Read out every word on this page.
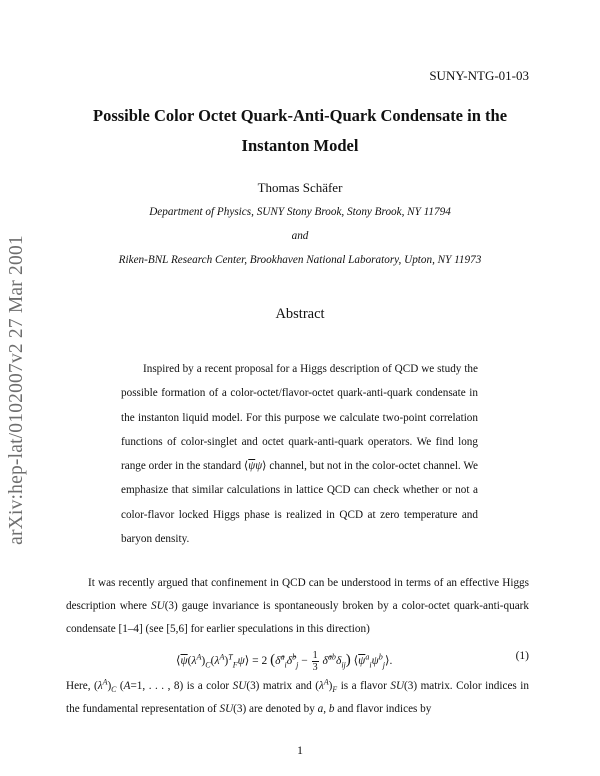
arXiv:hep-lat/0102007v2 27 Mar 2001
SUNY-NTG-01-03
Possible Color Octet Quark-Anti-Quark Condensate in the
Instanton Model
Thomas Schäfer
Department of Physics, SUNY Stony Brook, Stony Brook, NY 11794
and
Riken-BNL Research Center, Brookhaven National Laboratory, Upton, NY 11973
Abstract
Inspired by a recent proposal for a Higgs description of QCD we study the possible formation of a color-octet/flavor-octet quark-anti-quark condensate in the instanton liquid model. For this purpose we calculate two-point correlation functions of color-singlet and octet quark-anti-quark operators. We find long range order in the standard $⟨\overline{\psi}\psi⟩$ channel, but not in the color-octet channel. We emphasize that similar calculations in lattice QCD can check whether or not a color-flavor locked Higgs phase is realized in QCD at zero temperature and baryon density.
It was recently argued that confinement in QCD can be understood in terms of an effective Higgs description where SU(3) gauge invariance is spontaneously broken by a color-octet quark-anti-quark condensate [1–4] (see [5,6] for earlier speculations in this direction)
$⟨\overline{\psi}(\lambda^A)_C(\lambda^A)^T_F\psi⟩ = 2$ (δ̂$^a_i$δ̂$^b_j$ − $\frac{1}{3}$ $\deltâ^{ab}\delta_{ij}$) $⟨\overline{\psi}^a_i\psi^b_j⟩$.	(1)
Here, $(\lambda^A)_C$ (A=1, . . . , 8) is a color SU(3) matrix and $(\lambda^A)_F$ is a flavor SU(3) matrix. Color indices in the fundamental representation of SU(3) are denoted by a, b and flavor indices by
1
